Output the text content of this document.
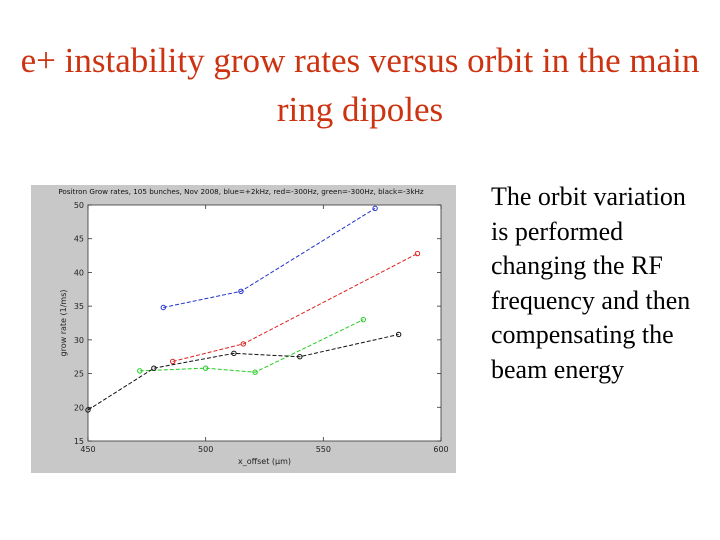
e+ instability grow rates versus orbit in the main ring dipoles
Positron Grow rates, 105 bunches, Nov 2008, blue=+2kHz, red=-300Hz, green=-300Hz, black=-3kHz
450	500	550	600
15
20
25
30
35
40
45
50
x_offset (µm)
grow rate (1/ms)
The orbit variation is performed changing the RF frequency and then compensating the beam energy
